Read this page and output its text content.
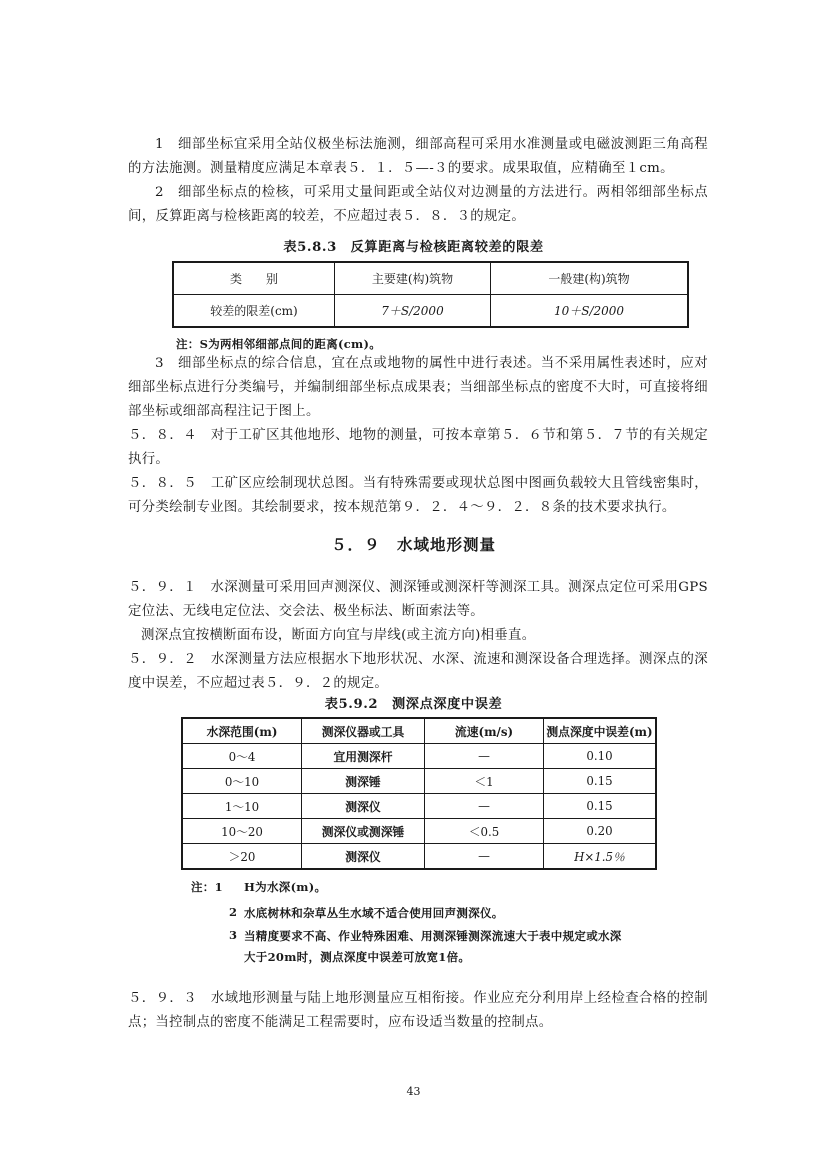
1　细部坐标宜采用全站仪极坐标法施测，细部高程可采用水准测量或电磁波测距三角高程的方法施测。测量精度应满足本章表５．１．５—-３的要求。成果取值，应精确至１cm。

2　细部坐标点的检核，可采用丈量间距或全站仪对边测量的方法进行。两相邻细部坐标点间，反算距离与检核距离的较差，不应超过表５．８．３的规定。

表5.8.3　反算距离与检核距离较差的限差

类　　别	主要建(构)筑物	一般建(构)筑物
较差的限差(cm)	7＋S/2000	10＋S/2000

注：S为两相邻细部点间的距离(cm)。

3　细部坐标点的综合信息，宜在点或地物的属性中进行表述。当不采用属性表述时，应对细部坐标点进行分类编号，并编制细部坐标点成果表；当细部坐标点的密度不大时，可直接将细部坐标或细部高程注记于图上。

５．８．４　对于工矿区其他地形、地物的测量，可按本章第５．６节和第５．７节的有关规定执行。

５．８．５　工矿区应绘制现状总图。当有特殊需要或现状总图中图画负载较大且管线密集时，可分类绘制专业图。其绘制要求，按本规范第９．２．４～９．２．８条的技术要求执行。

５．９　水域地形测量

５．９．１　水深测量可采用回声测深仪、测深锤或测深杆等测深工具。测深点定位可采用GPS定位法、无线电定位法、交会法、极坐标法、断面索法等。

测深点宜按横断面布设，断面方向宜与岸线(或主流方向)相垂直。

５．９．２　水深测量方法应根据水下地形状况、水深、流速和测深设备合理选择。测深点的深度中误差，不应超过表５．９．２的规定。

表5.9.2　测深点深度中误差

水深范围(m)	测深仪器或工具	流速(m/s)	测点深度中误差(m)
0～4	宜用测深杆	—	0.10
0～10	测深锤	＜1	0.15
1～10	测深仪	—	0.15
10～20	测深仪或测深锤	＜0.5	0.20
＞20	测深仪	—	H×1.5％
注：1 H为水深(m)。
2 水底树林和杂草丛生水域不适合使用回声测深仪。
3 当精度要求不高、作业特殊困难、用测深锤测深流速大于表中规定或水深
大于20m时，测点深度中误差可放宽1倍。

５．９．３　水域地形测量与陆上地形测量应互相衔接。作业应充分利用岸上经检查合格的控制点；当控制点的密度不能满足工程需要时，应布设适当数量的控制点。

43
